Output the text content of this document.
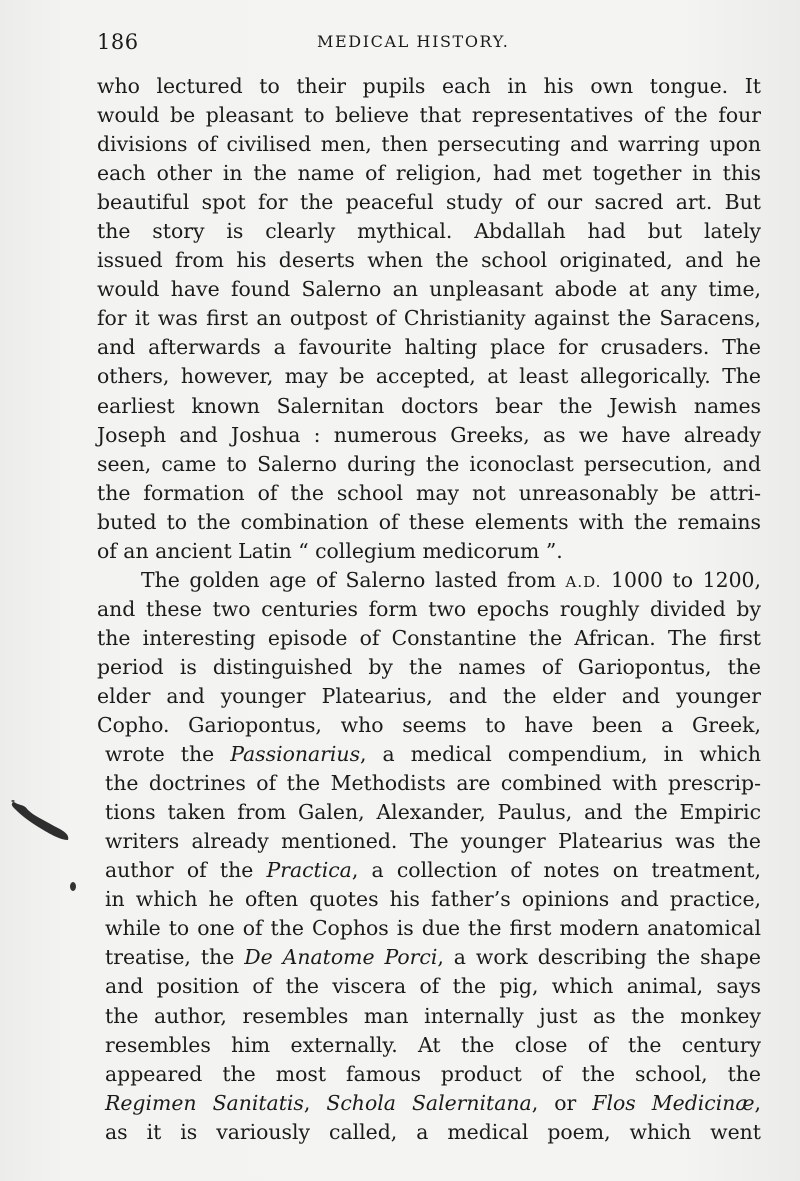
186	MEDICAL HISTORY.
who lectured to their pupils each in his own tongue. It
would be pleasant to believe that representatives of the four
divisions of civilised men, then persecuting and warring upon
each other in the name of religion, had met together in this
beautiful spot for the peaceful study of our sacred art. But
the story is clearly mythical. Abdallah had but lately
issued from his deserts when the school originated, and he
would have found Salerno an unpleasant abode at any time,
for it was first an outpost of Christianity against the Saracens,
and afterwards a favourite halting place for crusaders. The
others, however, may be accepted, at least allegorically. The
earliest known Salernitan doctors bear the Jewish names
Joseph and Joshua : numerous Greeks, as we have already
seen, came to Salerno during the iconoclast persecution, and
the formation of the school may not unreasonably be attri-
buted to the combination of these elements with the remains
of an ancient Latin “ collegium medicorum ”.
The golden age of Salerno lasted from A.D. 1000 to 1200,
and these two centuries form two epochs roughly divided by
the interesting episode of Constantine the African. The first
period is distinguished by the names of Gariopontus, the
elder and younger Platearius, and the elder and younger
Copho. Gariopontus, who seems to have been a Greek,
wrote the Passionarius, a medical compendium, in which
the doctrines of the Methodists are combined with prescrip-
tions taken from Galen, Alexander, Paulus, and the Empiric
writers already mentioned. The younger Platearius was the
author of the Practica, a collection of notes on treatment,
in which he often quotes his father’s opinions and practice,
while to one of the Cophos is due the first modern anatomical
treatise, the De Anatome Porci, a work describing the shape
and position of the viscera of the pig, which animal, says
the author, resembles man internally just as the monkey
resembles him externally. At the close of the century
appeared the most famous product of the school, the
Regimen Sanitatis, Schola Salernitana, or Flos Medicinæ,
as it is variously called, a medical poem, which went
